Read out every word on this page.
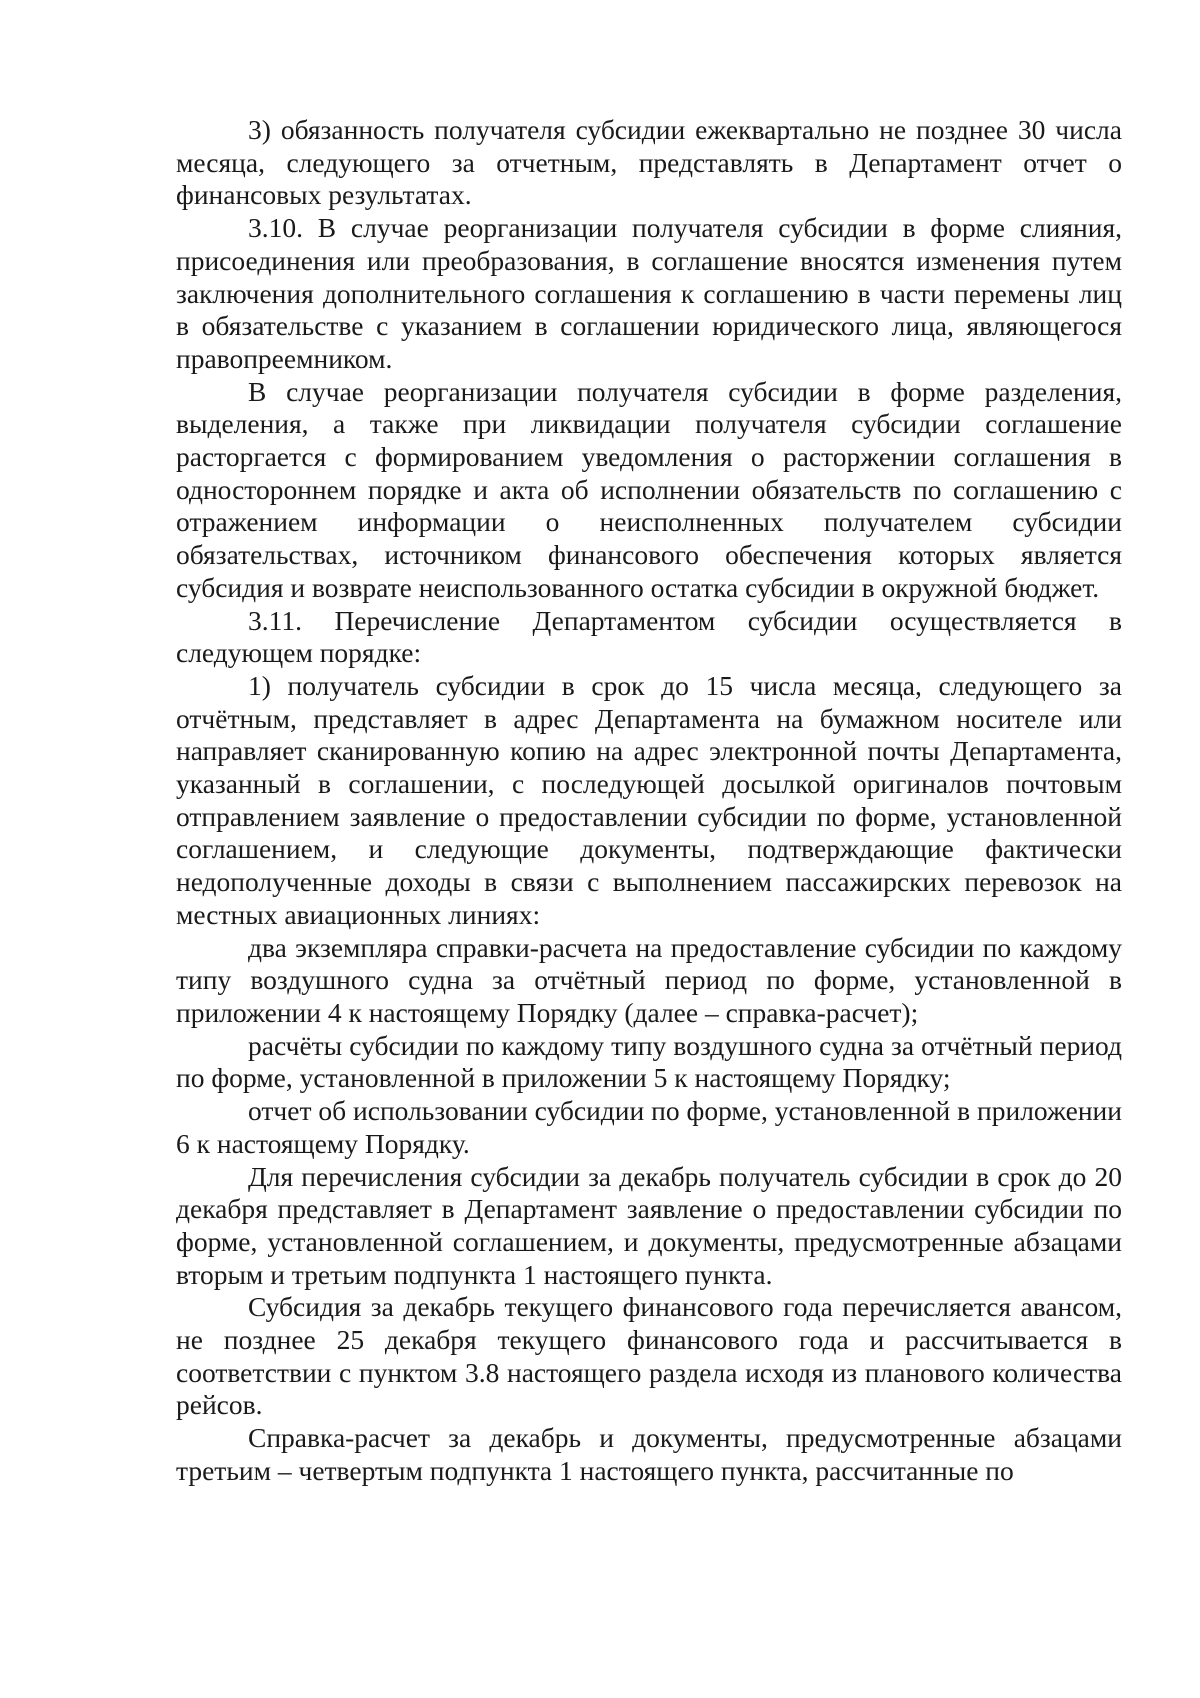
3) обязанность получателя субсидии ежеквартально не позднее 30 числа месяца, следующего за отчетным, представлять в Департамент отчет о финансовых результатах.

3.10. В случае реорганизации получателя субсидии в форме слияния, присоединения или преобразования, в соглашение вносятся изменения путем заключения дополнительного соглашения к соглашению в части перемены лиц в обязательстве с указанием в соглашении юридического лица, являющегося правопреемником.

В случае реорганизации получателя субсидии в форме разделения, выделения, а также при ликвидации получателя субсидии соглашение расторгается с формированием уведомления о расторжении соглашения в одностороннем порядке и акта об исполнении обязательств по соглашению с отражением информации о неисполненных получателем субсидии обязательствах, источником финансового обеспечения которых является субсидия и возврате неиспользованного остатка субсидии в окружной бюджет.

3.11. Перечисление Департаментом субсидии осуществляется в следующем порядке:

1) получатель субсидии в срок до 15 числа месяца, следующего за отчётным, представляет в адрес Департамента на бумажном носителе или направляет сканированную копию на адрес электронной почты Департамента, указанный в соглашении, с последующей досылкой оригиналов почтовым отправлением заявление о предоставлении субсидии по форме, установленной соглашением, и следующие документы, подтверждающие фактически недополученные доходы в связи с выполнением пассажирских перевозок на местных авиационных линиях:

два экземпляра справки-расчета на предоставление субсидии по каждому типу воздушного судна за отчётный период по форме, установленной в приложении 4 к настоящему Порядку (далее – справка-расчет);

расчёты субсидии по каждому типу воздушного судна за отчётный период по форме, установленной в приложении 5 к настоящему Порядку;

отчет об использовании субсидии по форме, установленной в приложении 6 к настоящему Порядку.

Для перечисления субсидии за декабрь получатель субсидии в срок до 20 декабря представляет в Департамент заявление о предоставлении субсидии по форме, установленной соглашением, и документы, предусмотренные абзацами вторым и третьим подпункта 1 настоящего пункта.

Субсидия за декабрь текущего финансового года перечисляется авансом, не позднее 25 декабря текущего финансового года и рассчитывается в соответствии с пунктом 3.8 настоящего раздела исходя из планового количества рейсов.

Справка-расчет за декабрь и документы, предусмотренные абзацами третьим – четвертым подпункта 1 настоящего пункта, рассчитанные по
